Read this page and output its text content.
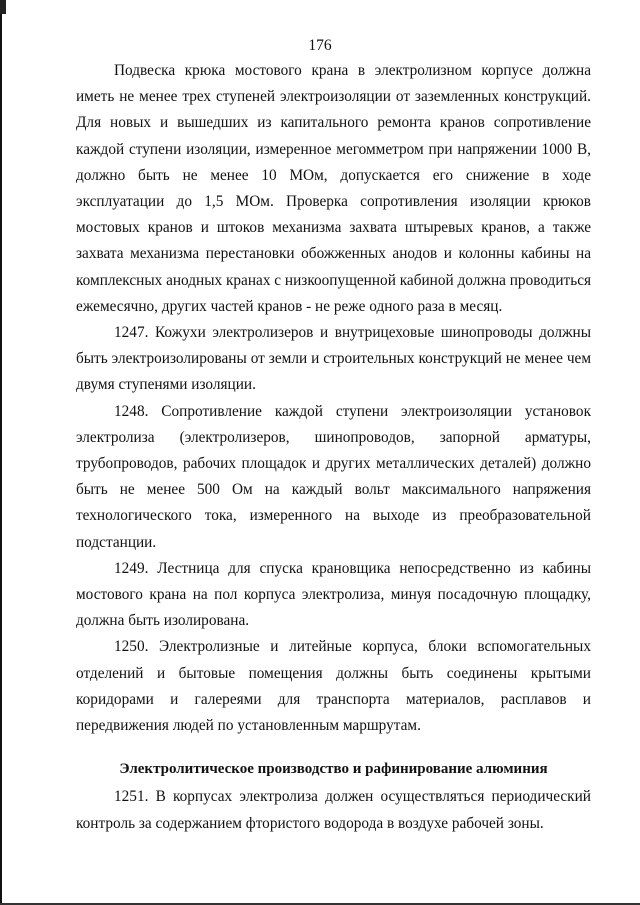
176

Подвеска крюка мостового крана в электролизном корпусе должна иметь не менее трех ступеней электроизоляции от заземленных конструкций. Для новых и вышедших из капитального ремонта кранов сопротивление каждой ступени изоляции, измеренное мегомметром при напряжении 1000 В, должно быть не менее 10 МОм, допускается его снижение в ходе эксплуатации до 1,5 МОм. Проверка сопротивления изоляции крюков мостовых кранов и штоков механизма захвата штыревых кранов, а также захвата механизма перестановки обожженных анодов и колонны кабины на комплексных анодных кранах с низкоопущенной кабиной должна проводиться ежемесячно, других частей кранов - не реже одного раза в месяц.

1247. Кожухи электролизеров и внутрицеховые шинопроводы должны быть электроизолированы от земли и строительных конструкций не менее чем двумя ступенями изоляции.

1248. Сопротивление каждой ступени электроизоляции установок электролиза (электролизеров, шинопроводов, запорной арматуры, трубопроводов, рабочих площадок и других металлических деталей) должно быть не менее 500 Ом на каждый вольт максимального напряжения технологического тока, измеренного на выходе из преобразовательной подстанции.

1249. Лестница для спуска крановщика непосредственно из кабины мостового крана на пол корпуса электролиза, минуя посадочную площадку, должна быть изолирована.

1250. Электролизные и литейные корпуса, блоки вспомогательных отделений и бытовые помещения должны быть соединены крытыми коридорами и галереями для транспорта материалов, расплавов и передвижения людей по установленным маршрутам.

Электролитическое производство и рафинирование алюминия

1251. В корпусах электролиза должен осуществляться периодический контроль за содержанием фтористого водорода в воздухе рабочей зоны.
